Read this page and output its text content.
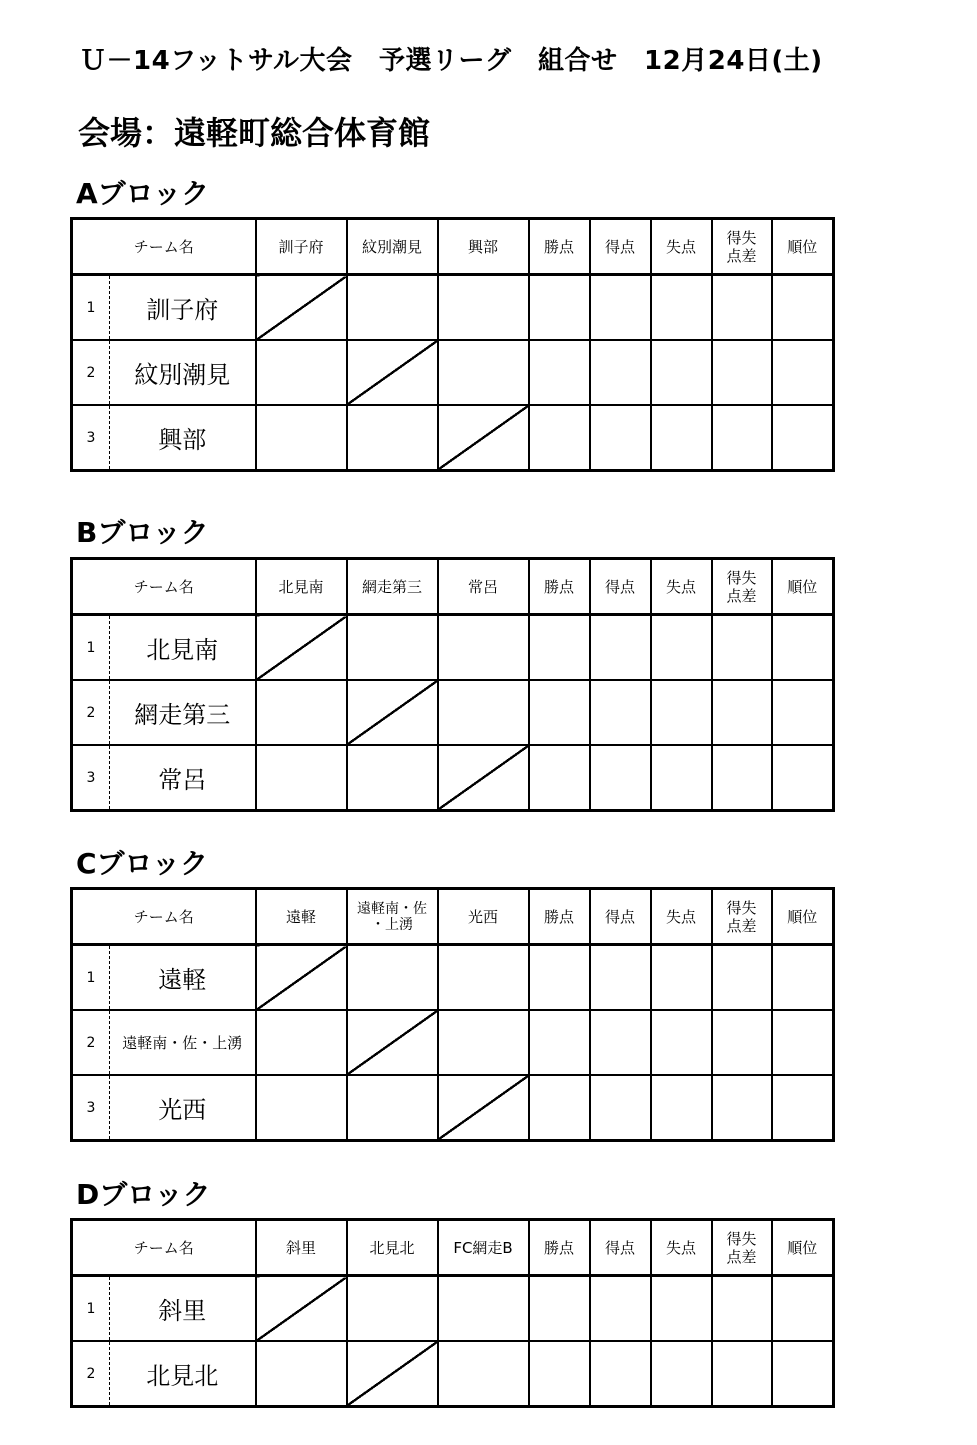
Ｕ－14フットサル大会　予選リーグ　組合せ　12月24日(土)
会場：遠軽町総合体育館
Aブロック
チーム名		訓子府	紋別潮見	興部	勝点	得点	失点	得失
点差	順位
1	訓子府								
2	紋別潮見								
3	興部								
Bブロック
チーム名		北見南	網走第三	常呂	勝点	得点	失点	得失
点差	順位
1	北見南								
2	網走第三								
3	常呂								
Cブロック
チーム名		遠軽	遠軽南・佐
・上湧	光西	勝点	得点	失点	得失
点差	順位
1	遠軽								
2	遠軽南・佐・上湧								
3	光西								
Dブロック
チーム名		斜里	北見北	FC網走B	勝点	得点	失点	得失
点差	順位
1	斜里								
2	北見北								
